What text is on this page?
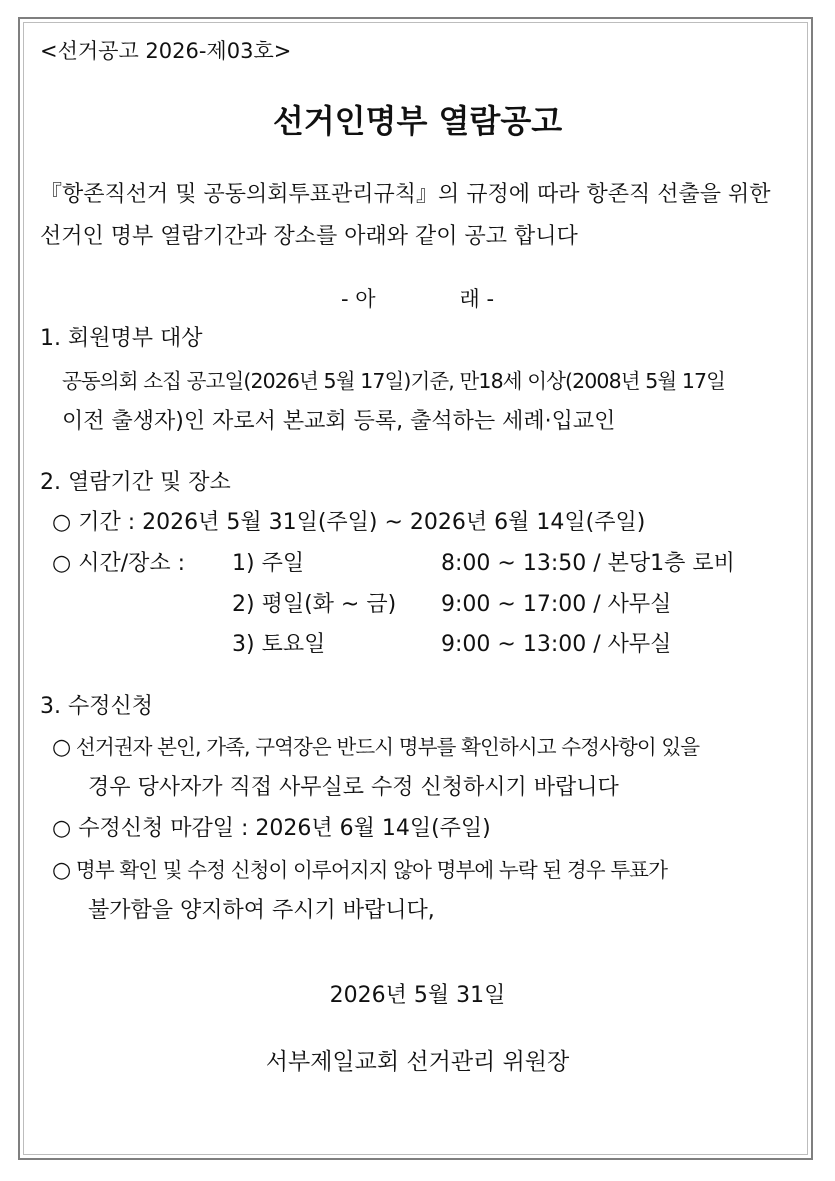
<선거공고 2026-제03호>
선거인명부 열람공고
『항존직선거 및 공동의회투표관리규칙』의 규정에 따라 항존직 선출을 위한
선거인 명부 열람기간과 장소를 아래와 같이 공고 합니다
- 아	래 -
1. 회원명부 대상
공동의회 소집 공고일(2026년 5월 17일)기준, 만18세 이상(2008년 5월 17일
이전 출생자)인 자로서 본교회 등록, 출석하는 세례·입교인
2. 열람기간 및 장소
○ 기간 : 2026년 5월 31일(주일) ~ 2026년 6월 14일(주일)
○ 시간/장소 : 1) 주일	8:00 ~ 13:50 / 본당1층 로비
2) 평일(화 ~ 금) 9:00 ~ 17:00 / 사무실
3) 토요일	9:00 ~ 13:00 / 사무실
3. 수정신청
○ 선거권자 본인, 가족, 구역장은 반드시 명부를 확인하시고 수정사항이 있을
경우 당사자가 직접 사무실로 수정 신청하시기 바랍니다
○ 수정신청 마감일 : 2026년 6월 14일(주일)
○ 명부 확인 및 수정 신청이 이루어지지 않아 명부에 누락 된 경우 투표가
불가함을 양지하여 주시기 바랍니다,
2026년 5월 31일
서부제일교회 선거관리 위원장
